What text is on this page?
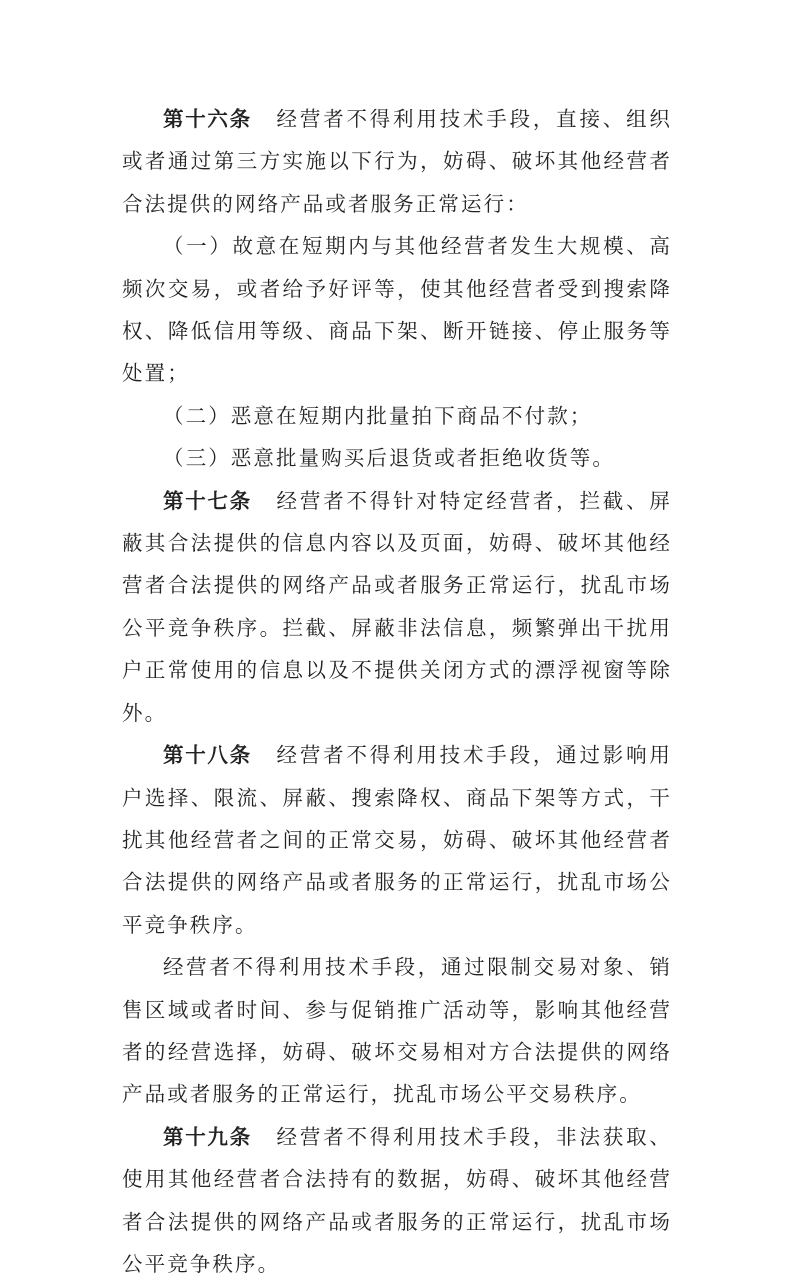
第十六条 经营者不得利用技术手段，直接、组织或者通过第三方实施以下行为，妨碍、破坏其他经营者合法提供的网络产品或者服务正常运行：

（一）故意在短期内与其他经营者发生大规模、高频次交易，或者给予好评等，使其他经营者受到搜索降权、降低信用等级、商品下架、断开链接、停止服务等处置；

（二）恶意在短期内批量拍下商品不付款；

（三）恶意批量购买后退货或者拒绝收货等。

第十七条 经营者不得针对特定经营者，拦截、屏蔽其合法提供的信息内容以及页面，妨碍、破坏其他经营者合法提供的网络产品或者服务正常运行，扰乱市场公平竞争秩序。拦截、屏蔽非法信息，频繁弹出干扰用户正常使用的信息以及不提供关闭方式的漂浮视窗等除外。

第十八条 经营者不得利用技术手段，通过影响用户选择、限流、屏蔽、搜索降权、商品下架等方式，干扰其他经营者之间的正常交易，妨碍、破坏其他经营者合法提供的网络产品或者服务的正常运行，扰乱市场公平竞争秩序。

经营者不得利用技术手段，通过限制交易对象、销售区域或者时间、参与促销推广活动等，影响其他经营者的经营选择，妨碍、破坏交易相对方合法提供的网络产品或者服务的正常运行，扰乱市场公平交易秩序。

第十九条 经营者不得利用技术手段，非法获取、使用其他经营者合法持有的数据，妨碍、破坏其他经营者合法提供的网络产品或者服务的正常运行，扰乱市场公平竞争秩序。
